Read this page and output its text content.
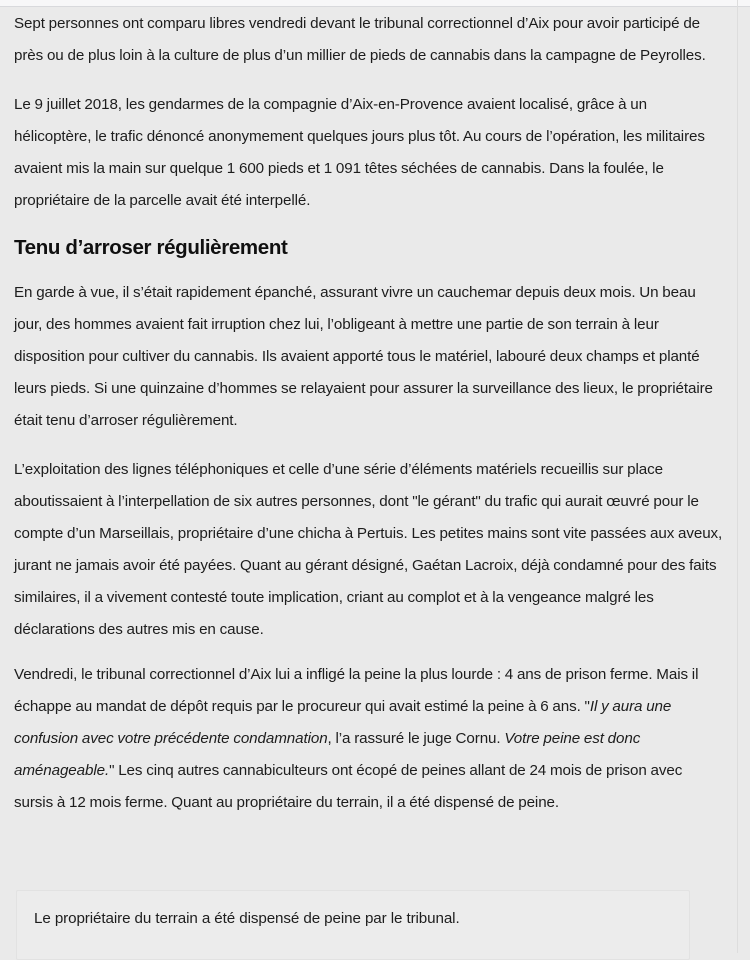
Sept personnes ont comparu libres vendredi devant le tribunal correctionnel d’Aix pour avoir participé de près ou de plus loin à la culture de plus d’un millier de pieds de cannabis dans la campagne de Peyrolles.

Le 9 juillet 2018, les gendarmes de la compagnie d’Aix-en-Provence avaient localisé, grâce à un hélicoptère, le trafic dénoncé anonymement quelques jours plus tôt. Au cours de l’opération, les militaires avaient mis la main sur quelque 1 600 pieds et 1 091 têtes séchées de cannabis. Dans la foulée, le propriétaire de la parcelle avait été interpellé.

Tenu d’arroser régulièrement

En garde à vue, il s’était rapidement épanché, assurant vivre un cauchemar depuis deux mois. Un beau jour, des hommes avaient fait irruption chez lui, l’obligeant à mettre une partie de son terrain à leur disposition pour cultiver du cannabis. Ils avaient apporté tous le matériel, labouré deux champs et planté leurs pieds. Si une quinzaine d’hommes se relayaient pour assurer la surveillance des lieux, le propriétaire était tenu d’arroser régulièrement.

L’exploitation des lignes téléphoniques et celle d’une série d’éléments matériels recueillis sur place aboutissaient à l’interpellation de six autres personnes, dont "le gérant" du trafic qui aurait œuvré pour le compte d’un Marseillais, propriétaire d’une chicha à Pertuis. Les petites mains sont vite passées aux aveux, jurant ne jamais avoir été payées. Quant au gérant désigné, Gaétan Lacroix, déjà condamné pour des faits similaires, il a vivement contesté toute implication, criant au complot et à la vengeance malgré les déclarations des autres mis en cause.

Vendredi, le tribunal correctionnel d’Aix lui a infligé la peine la plus lourde : 4 ans de prison ferme. Mais il échappe au mandat de dépôt requis par le procureur qui avait estimé la peine à 6 ans. "Il y aura une confusion avec votre précédente condamnation, l’a rassuré le juge Cornu. Votre peine est donc aménageable." Les cinq autres cannabiculteurs ont écopé de peines allant de 24 mois de prison avec sursis à 12 mois ferme. Quant au propriétaire du terrain, il a été dispensé de peine.

Le propriétaire du terrain a été dispensé de peine par le tribunal.
